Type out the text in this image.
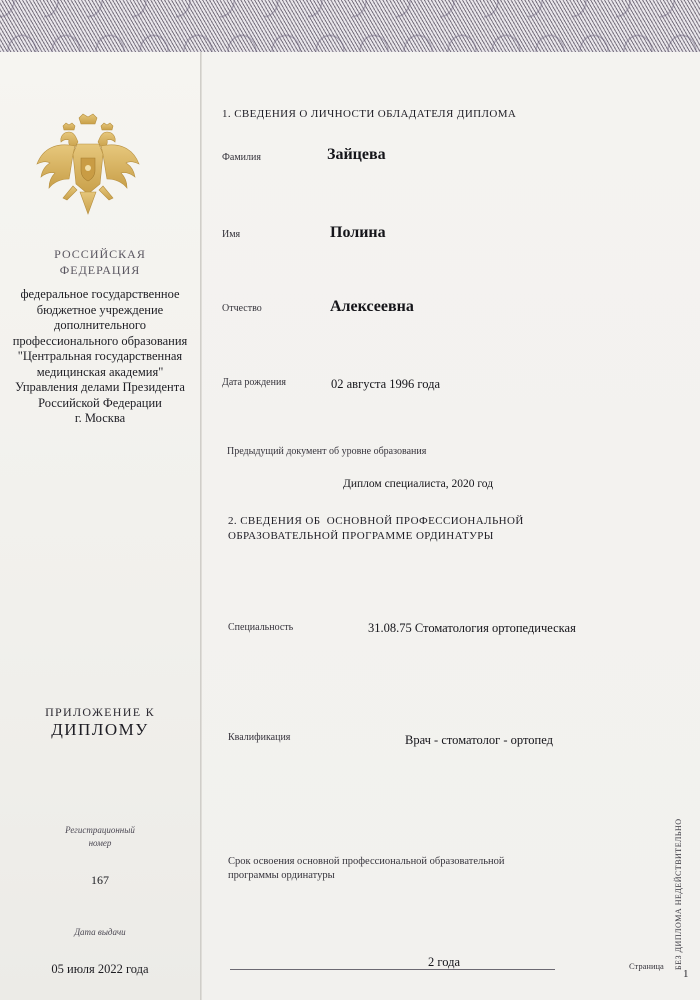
РОССИЙСКАЯ
ФЕДЕРАЦИЯ
федеральное государственное
бюджетное учреждение
дополнительного
профессионального образования
"Центральная государственная
медицинская академия"
Управления делами Президента
Российской Федерации
г. Москва
ПРИЛОЖЕНИЕ К
ДИПЛОМУ
Регистрационный
номер
167
Дата выдачи
05 июля 2022 года
1. СВЕДЕНИЯ О ЛИЧНОСТИ ОБЛАДАТЕЛЯ ДИПЛОМА
Фамилия	Зайцева
Имя	Полина
Отчество	Алексеевна
Дата рождения	02 августа 1996 года
Предыдущий документ об уровне образования
Диплом специалиста, 2020 год
2. СВЕДЕНИЯ ОБ  ОСНОВНОЙ ПРОФЕССИОНАЛЬНОЙ
ОБРАЗОВАТЕЛЬНОЙ ПРОГРАММЕ ОРДИНАТУРЫ
Специальность	31.08.75 Стоматология ортопедическая
Квалификация	Врач - стоматолог - ортопед
Срок освоения основной профессиональной образовательной
программы ординатуры
2 года	БЕЗ ДИПЛОМА НЕДЕЙСТВИТЕЛЬНО
Страница
1
